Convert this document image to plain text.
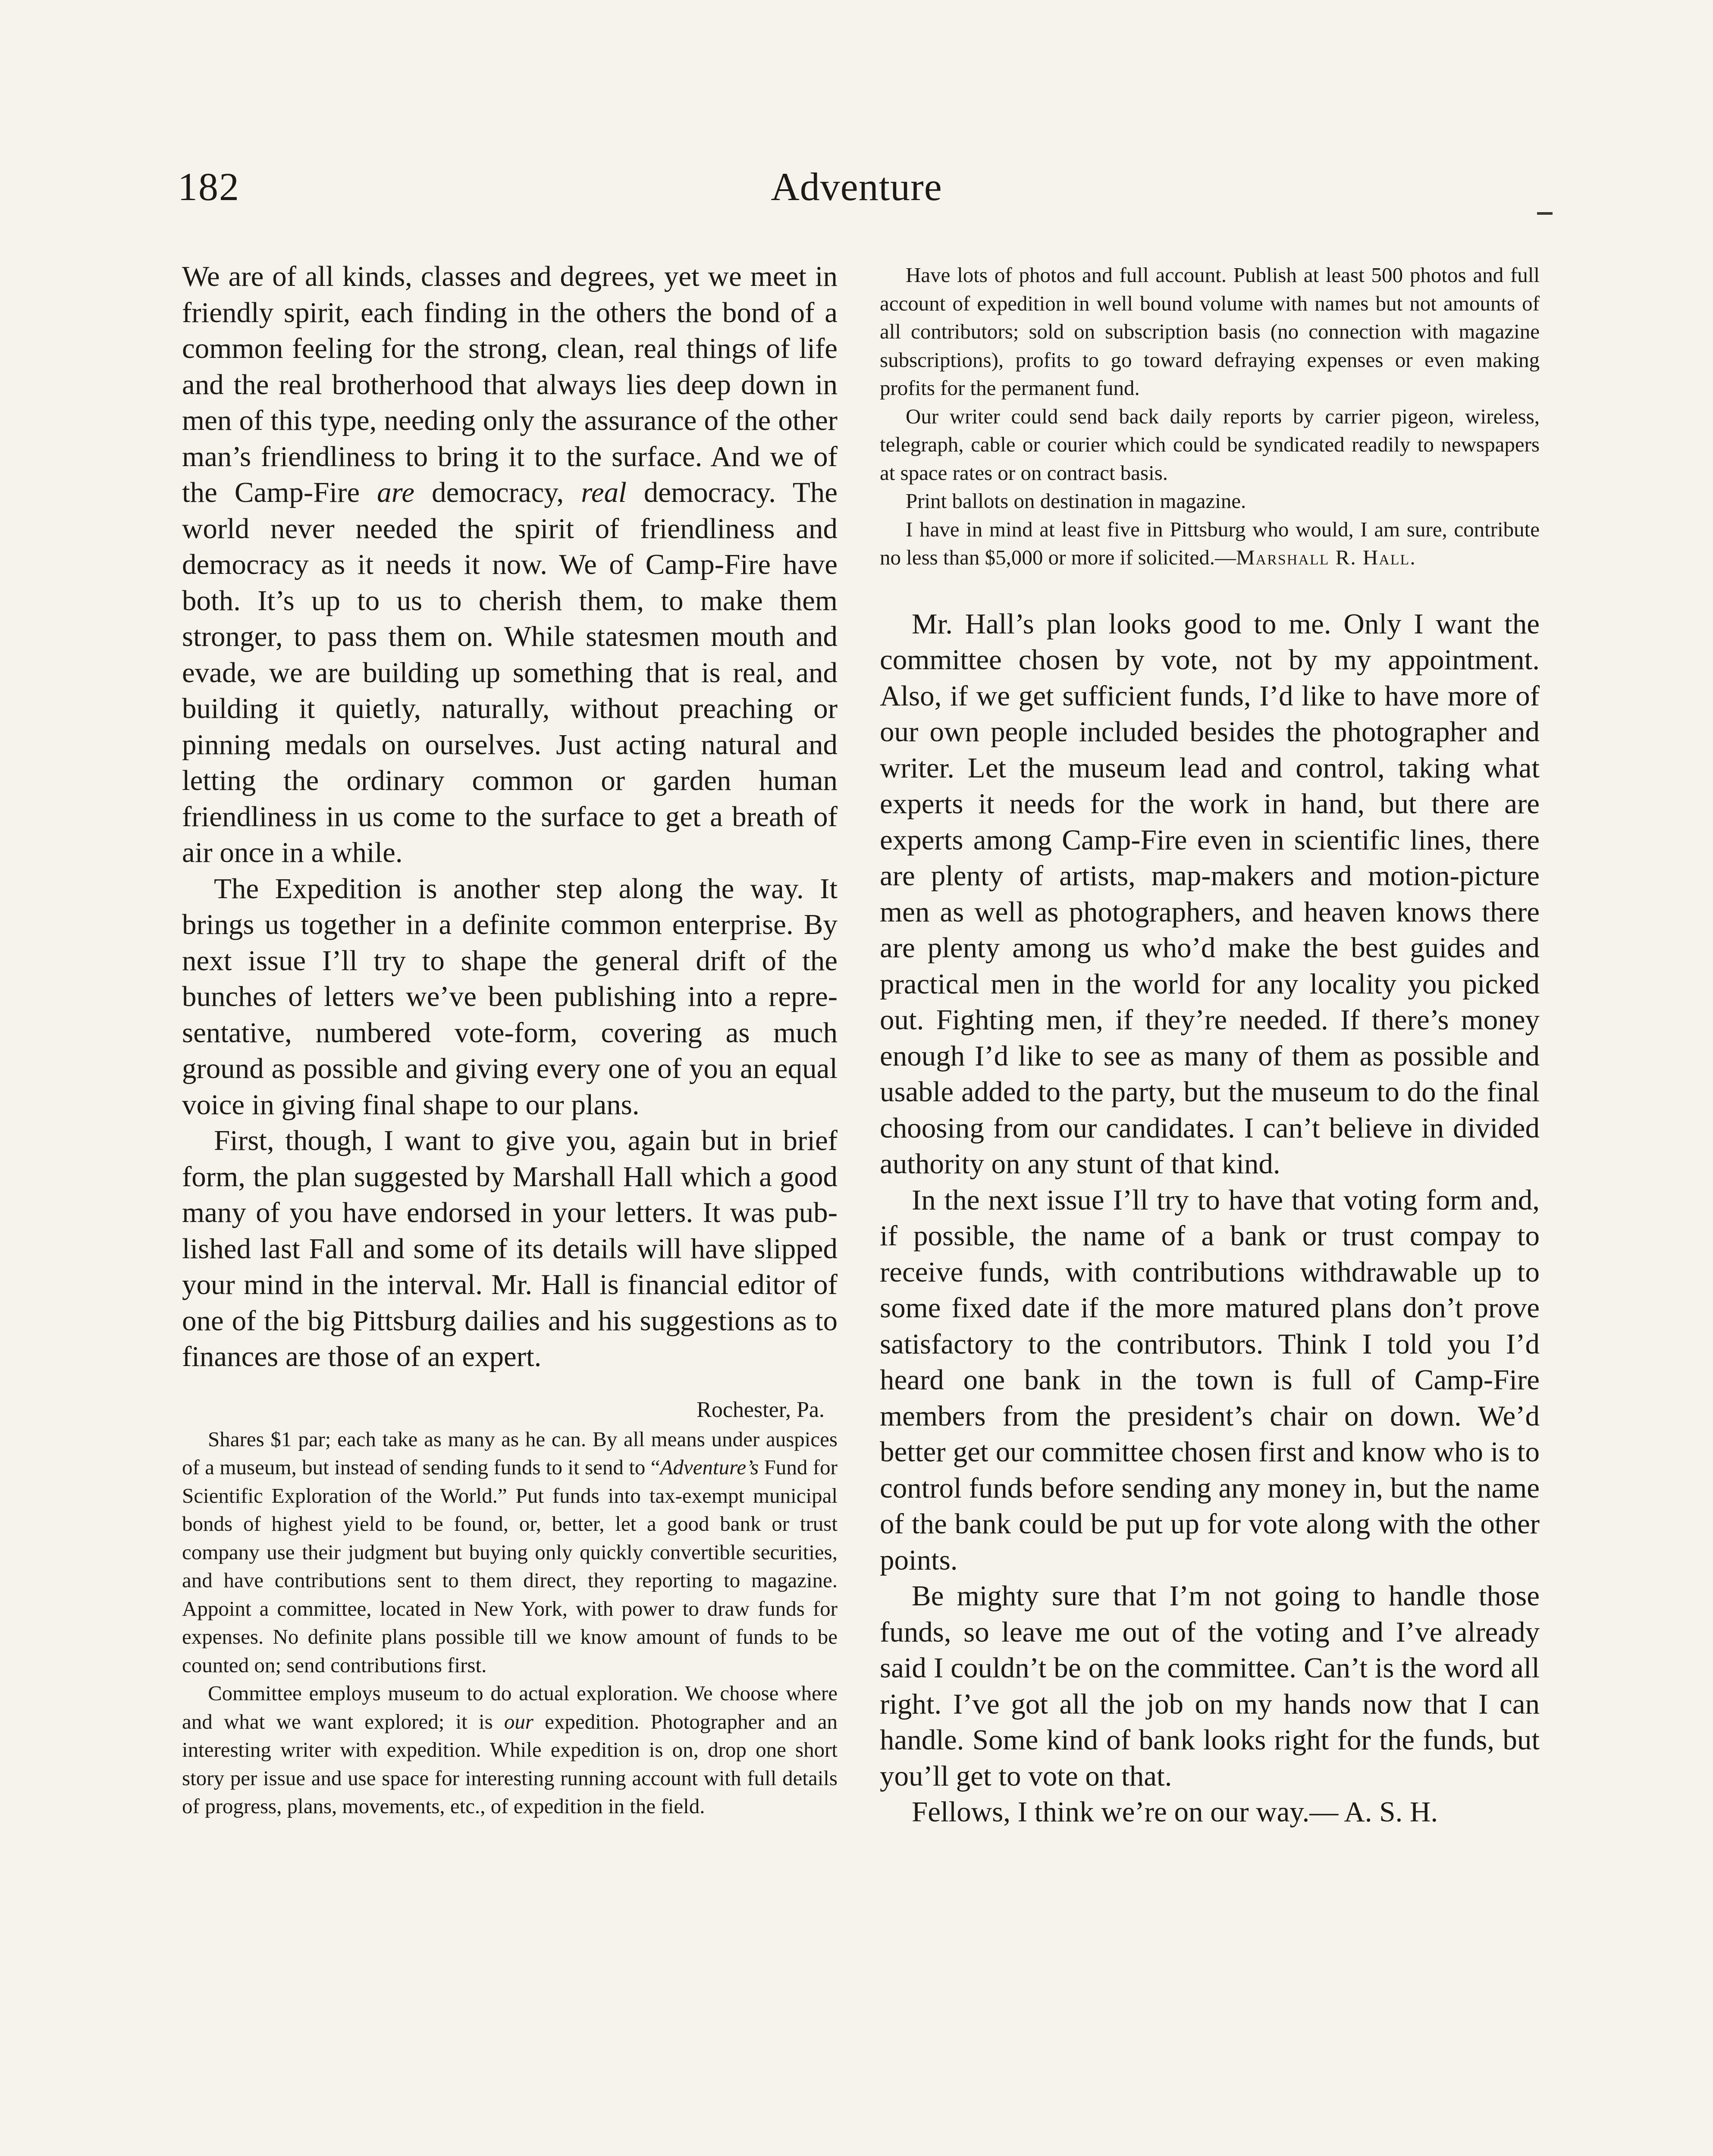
182	Adventure

We are of all kinds, classes and degrees, yet we meet in friendly spirit, each finding in the others the bond of a common feeling for the strong, clean, real things of life and the real brotherhood that always lies deep down in men of this type, needing only the assurance of the other man’s friendliness to bring it to the surface. And we of the Camp-Fire are democracy, real democracy. The world never needed the spirit of friendliness and democracy as it needs it now. We of Camp-Fire have both. It’s up to us to cherish them, to make them stronger, to pass them on. While statesmen mouth and evade, we are building up something that is real, and building it quietly, naturally, without preaching or pinning medals on ourselves. Just acting natural and letting the ordinary common or garden human friendliness in us come to the surface to get a breath of air once in a while.

The Expedition is another step along the way. It brings us together in a definite common enterprise. By next issue I’ll try to shape the general drift of the bunches of letters we’ve been publishing into a representative, numbered vote-form, covering as much ground as possible and giving every one of you an equal voice in giving final shape to our plans.

First, though, I want to give you, again but in brief form, the plan suggested by Marshall Hall which a good many of you have endorsed in your letters. It was published last Fall and some of its details will have slipped your mind in the interval. Mr. Hall is financial editor of one of the big Pittsburg dailies and his suggestions as to finances are those of an expert.

Rochester, Pa.

Shares $1 par; each take as many as he can. By all means under auspices of a museum, but instead of sending funds to it send to “Adventure’s Fund for Scientific Exploration of the World.” Put funds into tax-exempt municipal bonds of highest yield to be found, or, better, let a good bank or trust company use their judgment but buying only quickly convertible securities, and have contributions sent to them direct, they reporting to magazine. Appoint a committee, located in New York, with power to draw funds for expenses. No definite plans possible till we know amount of funds to be counted on; send contributions first.

Committee employs museum to do actual exploration. We choose where and what we want explored; it is our expedition. Photographer and an interesting writer with expedition. While expedition is on, drop one short story per issue and use space for interesting running account with full details of progress, plans, movements, etc., of expedition in the field.

Have lots of photos and full account. Publish at least 500 photos and full account of expedition in well bound volume with names but not amounts of all contributors; sold on subscription basis (no connection with magazine subscriptions), profits to go toward defraying expenses or even making profits for the permanent fund.

Our writer could send back daily reports by carrier pigeon, wireless, telegraph, cable or courier which could be syndicated readily to newspapers at space rates or on contract basis.

Print ballots on destination in magazine.

I have in mind at least five in Pittsburg who would, I am sure, contribute no less than $5,000 or more if solicited.—Marshall R. Hall.

Mr. Hall’s plan looks good to me. Only I want the committee chosen by vote, not by my appointment. Also, if we get sufficient funds, I’d like to have more of our own people included besides the photographer and writer. Let the museum lead and control, taking what experts it needs for the work in hand, but there are experts among Camp-Fire even in scientific lines, there are plenty of artists, map-makers and motion-picture men as well as photographers, and heaven knows there are plenty among us who’d make the best guides and practical men in the world for any locality you picked out. Fighting men, if they’re needed. If there’s money enough I’d like to see as many of them as possible and usable added to the party, but the museum to do the final choosing from our candidates. I can’t believe in divided authority on any stunt of that kind.

In the next issue I’ll try to have that voting form and, if possible, the name of a bank or trust compay to receive funds, with contributions withdrawable up to some fixed date if the more matured plans don’t prove satisfactory to the contributors. Think I told you I’d heard one bank in the town is full of Camp-Fire members from the president’s chair on down. We’d better get our committee chosen first and know who is to control funds before sending any money in, but the name of the bank could be put up for vote along with the other points.

Be mighty sure that I’m not going to handle those funds, so leave me out of the voting and I’ve already said I couldn’t be on the committee. Can’t is the word all right. I’ve got all the job on my hands now that I can handle. Some kind of bank looks right for the funds, but you’ll get to vote on that.

Fellows, I think we’re on our way.— A. S. H.
